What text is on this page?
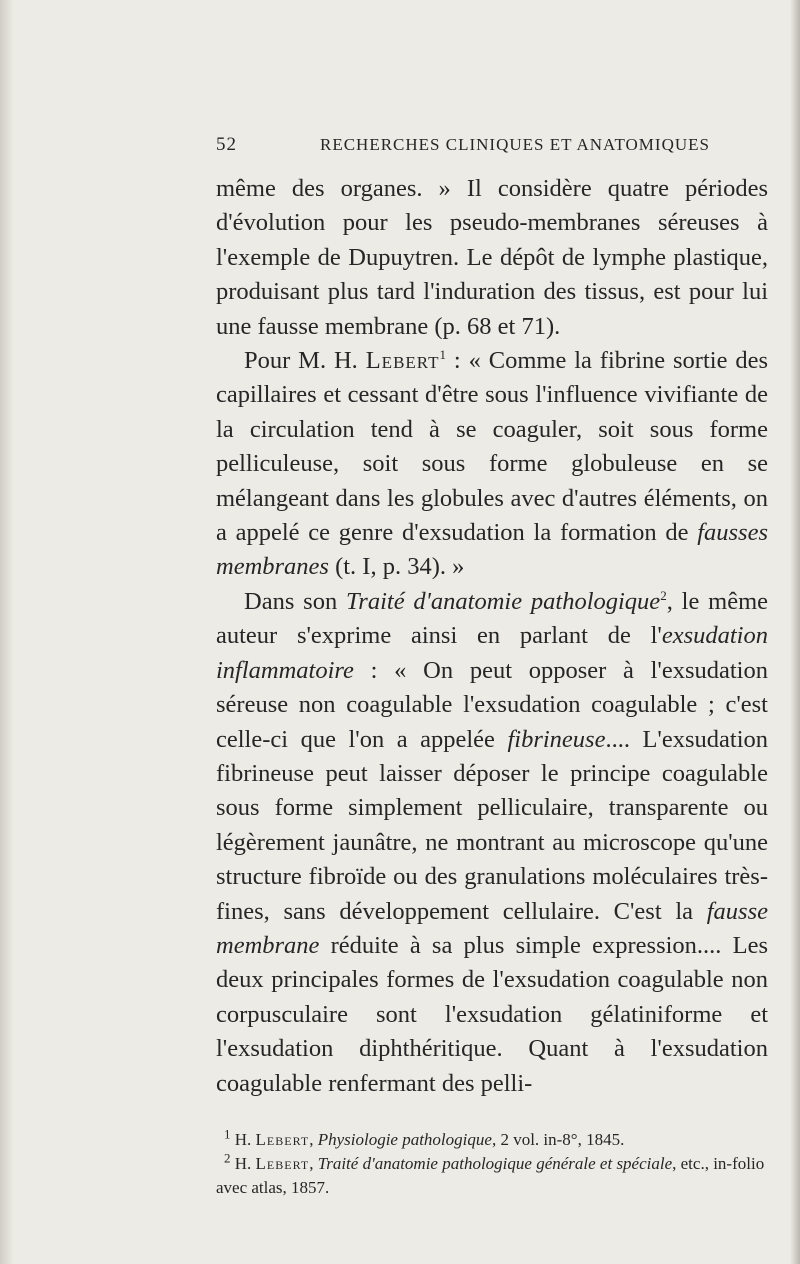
52	RECHERCHES CLINIQUES ET ANATOMIQUES

même des organes. » Il considère quatre périodes d'évolution pour les pseudo-membranes séreuses à l'exemple de Dupuytren. Le dépôt de lymphe plastique, produisant plus tard l'induration des tissus, est pour lui une fausse membrane (p. 68 et 71).

Pour M. H. Lebert$^1$ : « Comme la fibrine sortie des capillaires et cessant d'être sous l'influence vivifiante de la circulation tend à se coaguler, soit sous forme pelliculeuse, soit sous forme globuleuse en se mélangeant dans les globules avec d'autres éléments, on a appelé ce genre d'exsudation la formation de fausses membranes (t. I, p. 34). »

Dans son Traité d'anatomie pathologique$^2$, le même auteur s'exprime ainsi en parlant de l'exsudation inflammatoire : « On peut opposer à l'exsudation séreuse non coagulable l'exsudation coagulable ; c'est celle-ci que l'on a appelée fibrineuse.... L'exsudation fibrineuse peut laisser déposer le principe coagulable sous forme simplement pelliculaire, transparente ou légèrement jaunâtre, ne montrant au microscope qu'une structure fibroïde ou des granulations moléculaires très-fines, sans développement cellulaire. C'est la fausse membrane réduite à sa plus simple expression.... Les deux principales formes de l'exsudation coagulable non corpusculaire sont l'exsudation gélatiniforme et l'exsudation diphthéritique. Quant à l'exsudation coagulable renfermant des pelli-

$^1$ H. Lebert, Physiologie pathologique, 2 vol. in-8°, 1845.

$^2$ H. Lebert, Traité d'anatomie pathologique générale et spéciale, etc., in-folio avec atlas, 1857.
